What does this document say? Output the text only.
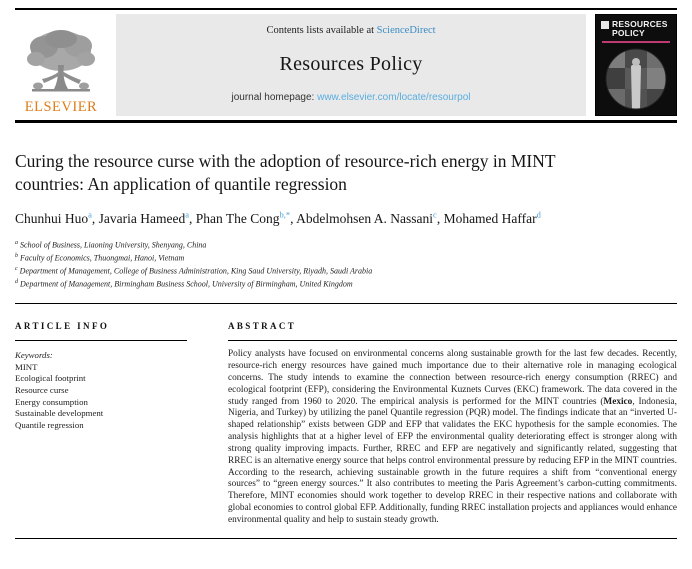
ELSEVIER
Contents lists available at ScienceDirect
Resources Policy
journal homepage: www.elsevier.com/locate/resourpol
RESOURCES
POLICY
Curing the resource curse with the adoption of resource-rich energy in MINT countries: An application of quantile regression
Chunhui Huo$^a$, Javaria Hameed$^a$, Phan The Cong$^{b,*}$, Abdelmohsen A. Nassani$^c$, Mohamed Haffar$^d$
$^a$ School of Business, Liaoning University, Shenyang, China
$^b$ Faculty of Economics, Thuongmai, Hanoi, Vietnam
$^c$ Department of Management, College of Business Administration, King Saud University, Riyadh, Saudi Arabia
$^d$ Department of Management, Birmingham Business School, University of Birmingham, United Kingdom
ARTICLE INFO
Keywords:
MINT
Ecological footprint
Resource curse
Energy consumption
Sustainable development
Quantile regression
ABSTRACT
Policy analysts have focused on environmental concerns along sustainable growth for the last few decades. Recently, resource-rich energy resources have gained much importance due to their alternative role in managing ecological concerns. The study intends to examine the connection between resource-rich energy consumption (RREC) and ecological footprint (EFP), considering the Environmental Kuznets Curves (EKC) framework. The data covered in the study ranged from 1960 to 2020. The empirical analysis is performed for the MINT countries (Mexico, Indonesia, Nigeria, and Turkey) by utilizing the panel Quantile regression (PQR) model. The findings indicate that an “inverted U-shaped relationship” exists between GDP and EFP that validates the EKC hypothesis for the sample economies. The analysis highlights that at a higher level of EFP the environmental quality deteriorating effect is stronger along with strong quality improving impacts. Further, RREC and EFP are negatively and significantly related, suggesting that RREC is an alternative energy source that helps control environmental pressure by reducing EFP in the MINT countries. According to the research, achieving sustainable growth in the future requires a shift from “conventional energy sources” to “green energy sources.” It also contributes to meeting the Paris Agreement’s carbon-cutting commitments. Therefore, MINT economies should work together to develop RREC in their respective nations and collaborate with global economies to control global EFP. Additionally, funding RREC installation projects and appliances would enhance environmental quality and help to sustain steady growth.
